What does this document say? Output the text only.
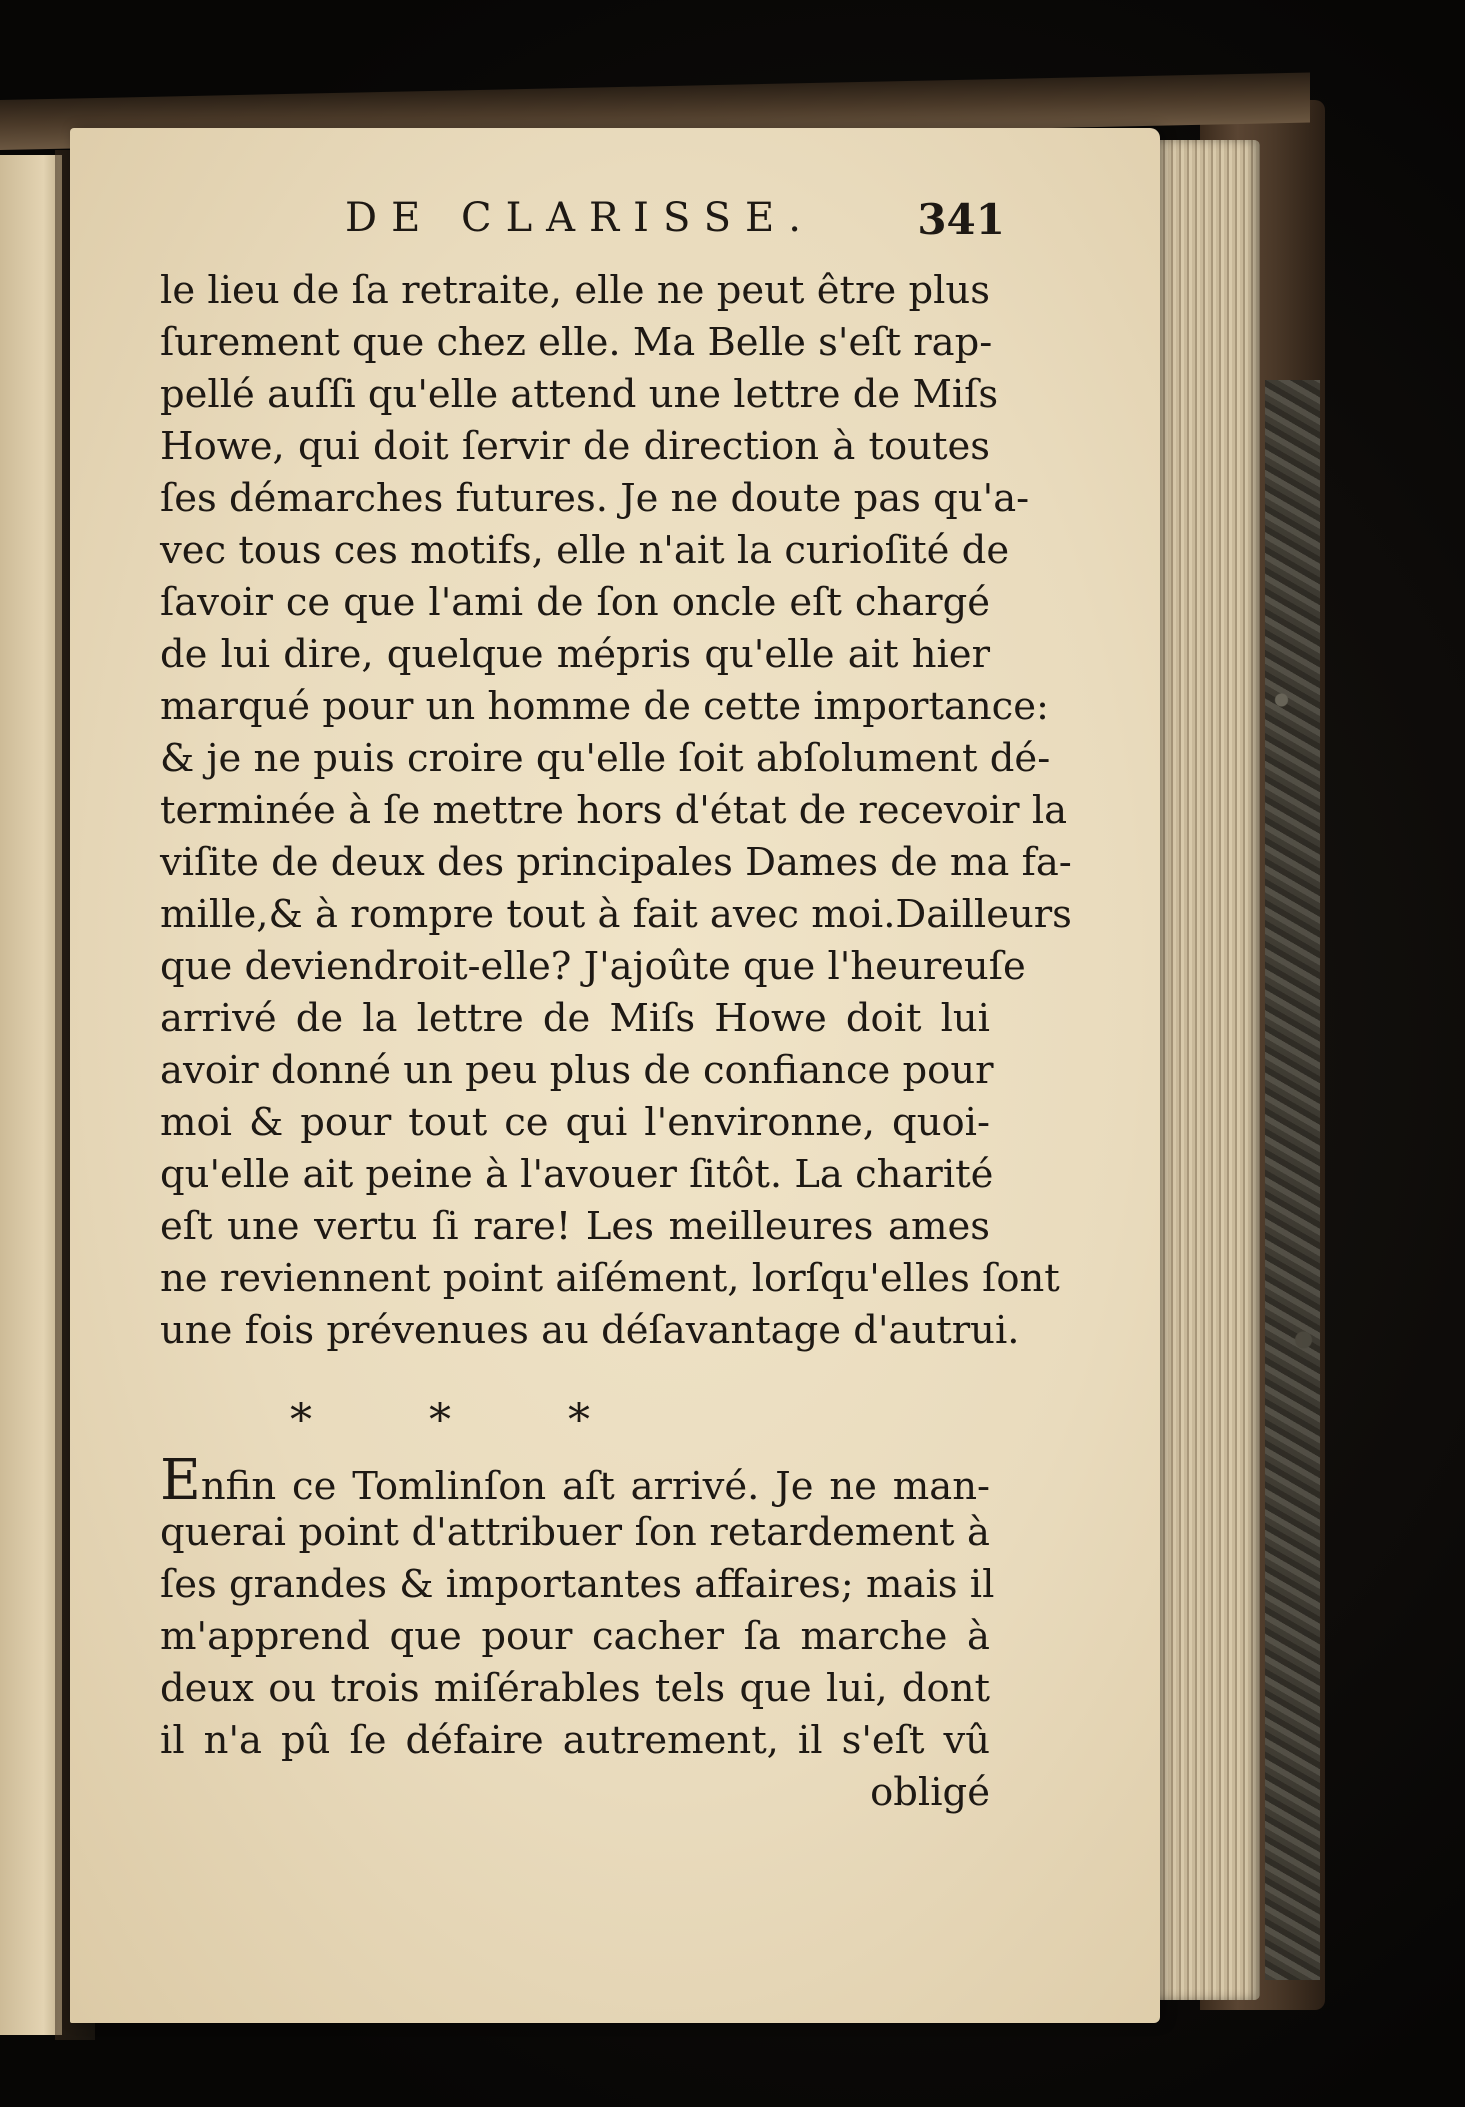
DE CLARISSE. 341
le lieu de ſa retraite, elle ne peut être plus
ſurement que chez elle. Ma Belle s'eſt rap-
pellé auſſi qu'elle attend une lettre de Miſs
Howe, qui doit ſervir de direction à toutes
ſes démarches futures. Je ne doute pas qu'a-
vec tous ces motifs, elle n'ait la curioſité de
ſavoir ce que l'ami de ſon oncle eſt chargé
de lui dire, quelque mépris qu'elle ait hier
marqué pour un homme de cette importance:
& je ne puis croire qu'elle ſoit abſolument dé-
terminée à ſe mettre hors d'état de recevoir la
viſite de deux des principales Dames de ma fa-
mille,& à rompre tout à fait avec moi.Dailleurs
que deviendroit-elle? J'ajoûte que l'heureuſe
arrivé de la lettre de Miſs Howe doit lui
avoir donné un peu plus de confiance pour
moi & pour tout ce qui l'environne, quoi-
qu'elle ait peine à l'avouer ſitôt. La charité
eſt une vertu ſi rare! Les meilleures ames
ne reviennent point aiſément, lorſqu'elles ſont
une fois prévenues au déſavantage d'autrui.
Enfin ce Tomlinſon aſt arrivé. Je ne man-
querai point d'attribuer ſon retardement à
ſes grandes & importantes affaires; mais il
m'apprend que pour cacher ſa marche à
deux ou trois miſérables tels que lui, dont
il n'a pû ſe défaire autrement, il s'eſt vû
obligé
*	*	*
